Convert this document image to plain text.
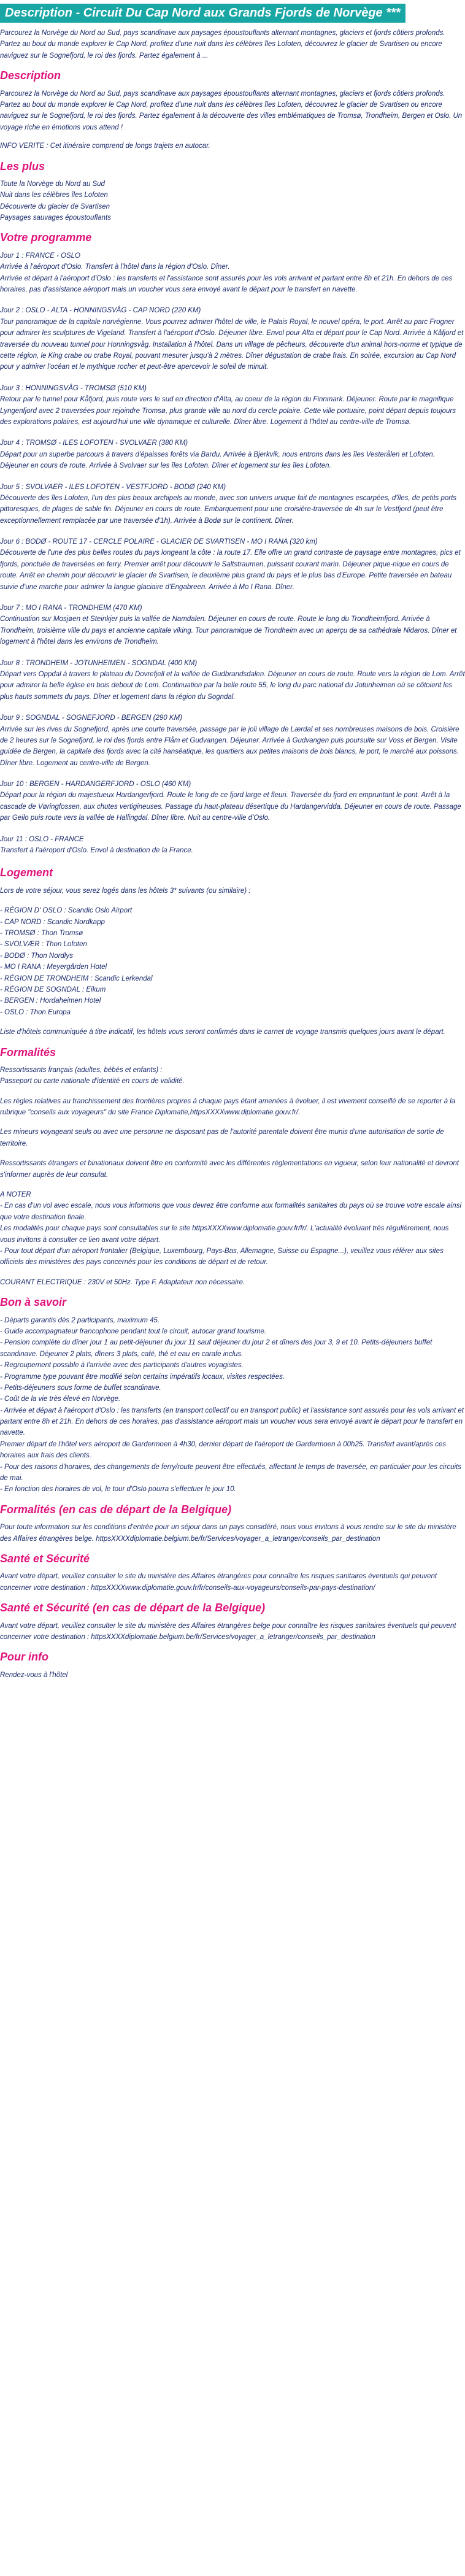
Description - Circuit Du Cap Nord aux Grands Fjords de Norvège ***
Parcourez la Norvège du Nord au Sud, pays scandinave aux paysages époustouflants alternant montagnes, glaciers et fjords côtiers profonds. Partez au bout du monde explorer le Cap Nord, profitez d'une nuit dans les célèbres îles Lofoten, découvrez le glacier de Svartisen ou encore naviguez sur le Sognefjord, le roi des fjords. Partez également à ...
Description
Parcourez la Norvège du Nord au Sud, pays scandinave aux paysages époustouflants alternant montagnes, glaciers et fjords côtiers profonds. Partez au bout du monde explorer le Cap Nord, profitez d'une nuit dans les célèbres îles Lofoten, découvrez le glacier de Svartisen ou encore naviguez sur le Sognefjord, le roi des fjords. Partez également à la découverte des villes emblématiques de Tromsø, Trondheim, Bergen et Oslo. Un voyage riche en émotions vous attend !
INFO VERITE : Cet itinéraire comprend de longs trajets en autocar.
Les plus
Toute la Norvège du Nord au Sud
Nuit dans les célèbres îles Lofoten
Découverte du glacier de Svartisen
Paysages sauvages époustouflants
Votre programme
Jour 1 : FRANCE - OSLO
Arrivée à l'aéroport d'Oslo. Transfert à l'hôtel dans la région d'Oslo. Dîner.
Arrivée et départ à l'aéroport d'Oslo : les transferts et l'assistance sont assurés pour les vols arrivant et partant entre 8h et 21h. En dehors de ces horaires, pas d'assistance aéroport mais un voucher vous sera envoyé avant le départ pour le transfert en navette.
Jour 2 : OSLO - ALTA - HONNINGSVÅG - CAP NORD (220 KM)
Tour panoramique de la capitale norvégienne. Vous pourrez admirer l'hôtel de ville, le Palais Royal, le nouvel opéra, le port. Arrêt au parc Frogner pour admirer les sculptures de Vigeland. Transfert à l'aéroport d'Oslo. Déjeuner libre. Envol pour Alta et départ pour le Cap Nord. Arrivée à Kåfjord et traversée du nouveau tunnel pour Honningsvåg. Installation à l'hôtel. Dans un village de pêcheurs, découverte d'un animal hors-norme et typique de cette région, le King crabe ou crabe Royal, pouvant mesurer jusqu'à 2 mètres. Dîner dégustation de crabe frais. En soirée, excursion au Cap Nord pour y admirer l'océan et le mythique rocher et peut-être apercevoir le soleil de minuit.
Jour 3 : HONNINGSVÅG - TROMSØ (510 KM)
Retour par le tunnel pour Kåfjord, puis route vers le sud en direction d'Alta, au coeur de la région du Finnmark. Déjeuner. Route par le magnifique Lyngenfjord avec 2 traversées pour rejoindre Tromsø, plus grande ville au nord du cercle polaire. Cette ville portuaire, point départ depuis toujours des explorations polaires, est aujourd'hui une ville dynamique et culturelle. Dîner libre. Logement à l'hôtel au centre-ville de Tromsø.
Jour 4 : TROMSØ - ILES LOFOTEN - SVOLVAER (380 KM)
Départ pour un superbe parcours à travers d'épaisses forêts via Bardu. Arrivée à Bjerkvik, nous entrons dans les îles Vesterålen et Lofoten. Déjeuner en cours de route. Arrivée à Svolvaer sur les îles Lofoten. Dîner et logement sur les îles Lofoten.
Jour 5 : SVOLVAER - ILES LOFOTEN - VESTFJORD - BODØ (240 KM)
Découverte des îles Lofoten, l'un des plus beaux archipels au monde, avec son univers unique fait de montagnes escarpées, d'îles, de petits ports pittoresques, de plages de sable fin. Déjeuner en cours de route. Embarquement pour une croisière-traversée de 4h sur le Vestfjord (peut être exceptionnellement remplacée par une traversée d'1h). Arrivée à Bodø sur le continent. Dîner.
Jour 6 : BODØ - ROUTE 17 - CERCLE POLAIRE - GLACIER DE SVARTISEN - MO I RANA (320 km)
Découverte de l'une des plus belles routes du pays longeant la côte : la route 17. Elle offre un grand contraste de paysage entre montagnes, pics et fjords, ponctuée de traversées en ferry. Premier arrêt pour découvrir le Saltstraumen, puissant courant marin. Déjeuner pique-nique en cours de route. Arrêt en chemin pour découvrir le glacier de Svartisen, le deuxième plus grand du pays et le plus bas d'Europe. Petite traversée en bateau suivie d'une marche pour admirer la langue glaciaire d'Engabreen. Arrivée à Mo I Rana. Dîner.
Jour 7 : MO I RANA - TRONDHEIM (470 KM)
Continuation sur Mosjøen et Steinkjer puis la vallée de Namdalen. Déjeuner en cours de route. Route le long du Trondheimfjord. Arrivée à Trondheim, troisième ville du pays et ancienne capitale viking. Tour panoramique de Trondheim avec un aperçu de sa cathédrale Nidaros. Dîner et logement à l'hôtel dans les environs de Trondheim.
Jour 8 : TRONDHEIM - JOTUNHEIMEN - SOGNDAL (400 KM)
Départ vers Oppdal à travers le plateau du Dovrefjell et la vallée de Gudbrandsdalen. Déjeuner en cours de route. Route vers la région de Lom. Arrêt pour admirer la belle église en bois debout de Lom. Continuation par la belle route 55, le long du parc national du Jotunheimen où se côtoient les plus hauts sommets du pays. Dîner et logement dans la région du Sogndal.
Jour 9 : SOGNDAL - SOGNEFJORD - BERGEN (290 KM)
Arrivée sur les rives du Sognefjord, après une courte traversée, passage par le joli village de Lærdal et ses nombreuses maisons de bois. Croisière de 2 heures sur le Sognefjord, le roi des fjords entre Flåm et Gudvangen. Déjeuner. Arrivée à Gudvangen puis poursuite sur Voss et Bergen. Visite guidée de Bergen, la capitale des fjords avec la cité hanséatique, les quartiers aux petites maisons de bois blancs, le port, le marché aux poissons. Dîner libre. Logement au centre-ville de Bergen.
Jour 10 : BERGEN - HARDANGERFJORD - OSLO (460 KM)
Départ pour la région du majestueux Hardangerfjord. Route le long de ce fjord large et fleuri. Traversée du fjord en empruntant le pont. Arrêt à la cascade de Vøringfossen, aux chutes vertigineuses. Passage du haut-plateau désertique du Hardangervidda. Déjeuner en cours de route. Passage par Geilo puis route vers la vallée de Hallingdal. Dîner libre. Nuit au centre-ville d'Oslo.
Jour 11 : OSLO - FRANCE
Transfert à l'aéroport d'Oslo. Envol à destination de la France.
Logement
Lors de votre séjour, vous serez logés dans les hôtels 3* suivants (ou similaire) :
- RÉGION D' OSLO : Scandic Oslo Airport
- CAP NORD : Scandic Nordkapp
- TROMSØ : Thon Tromsø
- SVOLVÆR : Thon Lofoten
- BODØ : Thon Nordlys
- MO I RANA : Meyergården Hotel
- RÉGION DE TRONDHEIM : Scandic Lerkendal
- RÉGION DE SOGNDAL : Eikum
- BERGEN : Hordaheimen Hotel
- OSLO : Thon Europa
Liste d'hôtels communiquée à titre indicatif, les hôtels vous seront confirmés dans le carnet de voyage transmis quelques jours avant le départ.
Formalités
Ressortissants français (adultes, bébés et enfants) :
Passeport ou carte nationale d'identité en cours de validité.
Les règles relatives au franchissement des frontières propres à chaque pays étant amenées à évoluer, il est vivement conseillé de se reporter à la rubrique "conseils aux voyageurs" du site France Diplomatie,httpsXXXXwww.diplomatie.gouv.fr/.
Les mineurs voyageant seuls ou avec une personne ne disposant pas de l'autorité parentale doivent être munis d'une autorisation de sortie de territoire.
Ressortissants étrangers et binationaux doivent être en conformité avec les différentes réglementations en vigueur, selon leur nationalité et devront s'informer auprès de leur consulat.
A NOTER
- En cas d'un vol avec escale, nous vous informons que vous devrez être conforme aux formalités sanitaires du pays où se trouve votre escale ainsi que votre destination finale.
Les modalités pour chaque pays sont consultables sur le site httpsXXXXwww.diplomatie.gouv.fr/fr/. L'actualité évoluant très régulièrement, nous vous invitons à consulter ce lien avant votre départ.
- Pour tout départ d'un aéroport frontalier (Belgique, Luxembourg, Pays-Bas, Allemagne, Suisse ou Espagne...), veuillez vous référer aux sites officiels des ministères des pays concernés pour les conditions de départ et de retour.
COURANT ELECTRIQUE : 230V et 50Hz. Type F. Adaptateur non nécessaire.
Bon à savoir
- Départs garantis dès 2 participants, maximum 45.
- Guide accompagnateur francophone pendant tout le circuit, autocar grand tourisme.
- Pension complète du dîner jour 1 au petit-déjeuner du jour 11 sauf déjeuner du jour 2 et dîners des jour 3, 9 et 10. Petits-déjeuners buffet scandinave. Déjeuner 2 plats, dîners 3 plats, café, thé et eau en carafe inclus.
- Regroupement possible à l'arrivée avec des participants d'autres voyagistes.
- Programme type pouvant être modifié selon certains impératifs locaux, visites respectées.
- Petits-déjeuners sous forme de buffet scandinave.
- Coût de la vie très élevé en Norvège.
- Arrivée et départ à l'aéroport d'Oslo : les transferts (en transport collectif ou en transport public) et l'assistance sont assurés pour les vols arrivant et partant entre 8h et 21h. En dehors de ces horaires, pas d'assistance aéroport mais un voucher vous sera envoyé avant le départ pour le transfert en navette.
Premier départ de l'hôtel vers aéroport de Gardermoen à 4h30, dernier départ de l'aéroport de Gardermoen à 00h25. Transfert avant/après ces horaires aux frais des clients.
- Pour des raisons d'horaires, des changements de ferry/route peuvent être effectués, affectant le temps de traversée, en particulier pour les circuits de mai.
- En fonction des horaires de vol, le tour d'Oslo pourra s'effectuer le jour 10.
Formalités (en cas de départ de la Belgique)
Pour toute information sur les conditions d'entrée pour un séjour dans un pays considéré, nous vous invitons à vous rendre sur le site du ministère des Affaires étrangères belge. httpsXXXXdiplomatie.belgium.be/fr/Services/voyager_a_letranger/conseils_par_destination
Santé et Sécurité
Avant votre départ, veuillez consulter le site du ministère des Affaires étrangères pour connaître les risques sanitaires éventuels qui peuvent concerner votre destination : httpsXXXXwww.diplomatie.gouv.fr/fr/conseils-aux-voyageurs/conseils-par-pays-destination/
Santé et Sécurité (en cas de départ de la Belgique)
Avant votre départ, veuillez consulter le site du ministère des Affaires étrangères belge pour connaître les risques sanitaires éventuels qui peuvent concerner votre destination : httpsXXXXdiplomatie.belgium.be/fr/Services/voyager_a_letranger/conseils_par_destination
Pour info
Rendez-vous à l'hôtel
